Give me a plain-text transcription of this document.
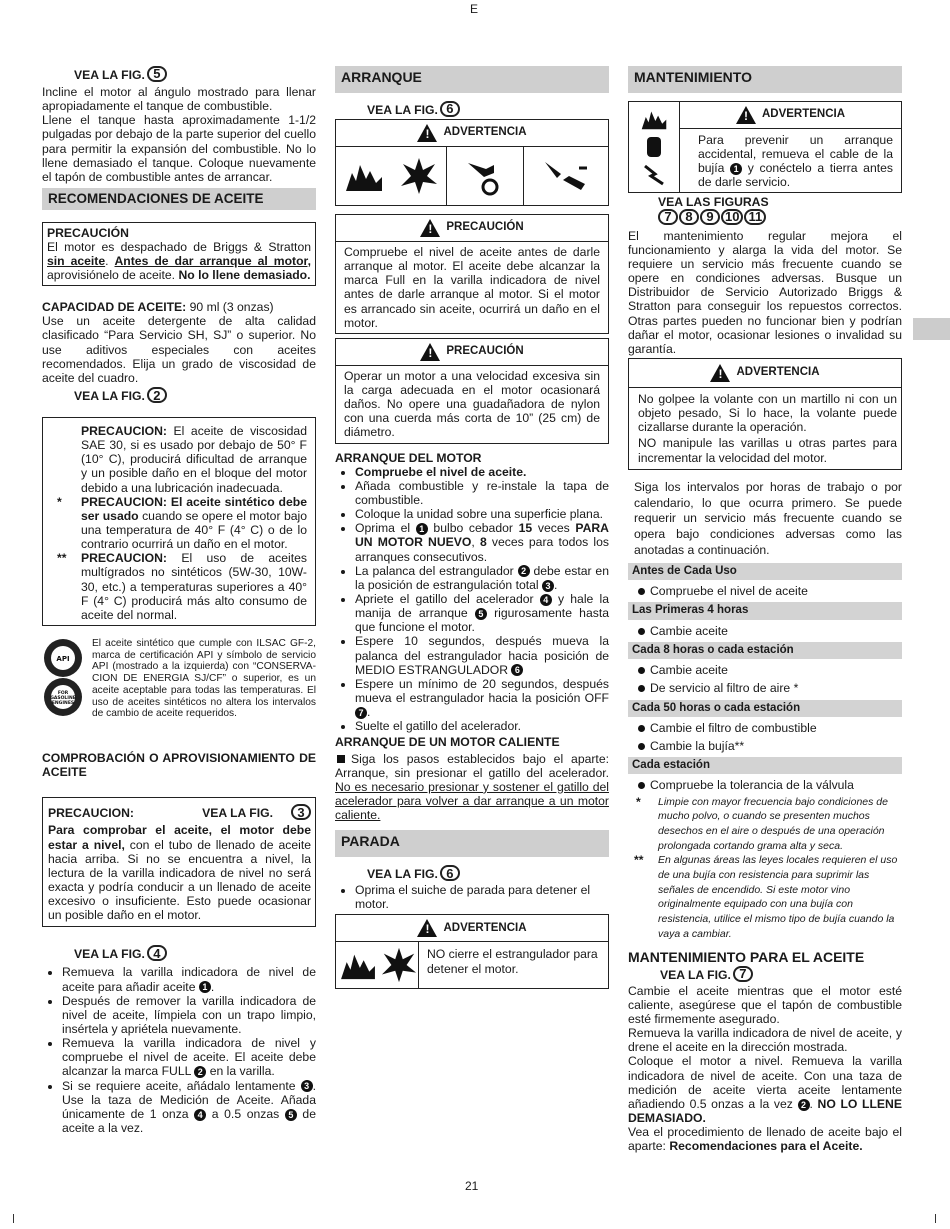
E
21
VEA LA FIG. 5

Incline el motor al ángulo mostrado para llenar apropiadamente el tanque de combustible.

Llene el tanque hasta aproximadamente 1-1/2 pulgadas por debajo de la parte superior del cuello para permitir la expansión del combustible. No lo llene demasiado el tanque. Coloque nuevamente el tapón de combustible antes de arrancar.

RECOMENDACIONES DE ACEITE
PRECAUCIÓN

El motor es despachado de Briggs & Stratton sin aceite. Antes de dar arranque al motor, aprovisiónelo de aceite. No lo llene demasiado.

CAPACIDAD DE ACEITE: 90 ml (3 onzas)

Use un aceite detergente de alta calidad clasificado “Para Servicio SH, SJ” o superior. No use aditivos especiales con aceites recomendados. Elija un grado de viscosidad de aceite del cuadro.

VEA LA FIG. 2

PRECAUCION: El aceite de viscosidad SAE 30, si es usado por debajo de 50° F (10° C), producirá dificultad de arranque y un posible daño en el bloque del motor debido a una lubricación inadecuada.

*	PRECAUCION: El aceite sintético debe ser usado cuando se opere el motor bajo una temperatura de 40° F (4° C) o de lo contrario ocurrirá un daño en el motor.

**	PRECAUCION: El uso de aceites multígrados no sintéticos (5W-30, 10W-30, etc.) a temperaturas superiores a 40° F (4° C) producirá más alto consumo de aceite del normal.

API
FOR
GASOLINE
ENGINES

El aceite sintético que cumple con ILSAC GF-2, marca de certificación API y símbolo de servicio API (mostrado a la izquierda) con “CONSERVA-CION DE ENERGIA SJ/CF” o superior, es un aceite aceptable para todas las temperaturas. El uso de aceites sintéticos no altera los intervalos de cambio de aceite requeridos.

COMPROBACIÓN O APROVISIONAMIENTO DE ACEITE

PRECAUCION:	VEA LA FIG.	3

Para comprobar el aceite, el motor debe estar a nivel, con el tubo de llenado de aceite hacia arriba. Si no se encuentra a nivel, la lectura de la varilla indicadora de nivel no será exacta y podría conducir a un llenado de aceite excesivo o insuficiente. Esto puede ocasionar un posible daño en el motor.

VEA LA FIG. 4
• Remueva la varilla indicadora de nivel de aceite para añadir aceite 1 .
• Después de remover la varilla indicadora de nivel de aceite, límpiela con un trapo limpio, insértela y apriétela nuevamente.
• Remueva la varilla indicadora de nivel y compruebe el nivel de aceite. El aceite debe alcanzar la marca FULL 2 en la varilla.
• Si se requiere aceite, añádalo lentamente 3 . Use la taza de Medición de Aceite. Añada únicamente de 1 onza 4 a 0.5 onzas 5 de aceite a la vez.
ARRANQUE
VEA LA FIG. 6
! ADVERTENCIA
! PRECAUCIÓN

Compruebe el nivel de aceite antes de darle arranque al motor. El aceite debe alcanzar la marca Full en la varilla indicadora de nivel antes de darle arranque al motor. Si el motor es arrancado sin aceite, ocurrirá un daño en el motor.

! PRECAUCIÓN

Operar un motor a una velocidad excesiva sin la carga adecuada en el motor ocasionará daños. No opere una guadañadora de nylon con una cuerda más corta de 10” (25 cm) de diámetro.

ARRANQUE DEL MOTOR

• Compruebe el nivel de aceite.
• Añada combustible y re-instale la tapa de combustible.
• Coloque la unidad sobre una superficie plana.
• Oprima el 1 bulbo cebador 15 veces PARA UN MOTOR NUEVO, 8 veces para todos los arranques consecutivos.
• La palanca del estrangulador 2 debe estar en la posición de estrangulación total 3 .
• Apriete el gatillo del acelerador 4 y hale la manija de arranque 5 rigurosamente hasta que funcione el motor.
• Espere 10 segundos, después mueva la palanca del estrangulador hacia posición de MEDIO ESTRANGULADOR 6
• Espere un mínimo de 20 segundos, después mueva el estrangulador hacia la posición OFF 7 .
• Suelte el gatillo del acelerador.

ARRANQUE DE UN MOTOR CALIENTE

Siga los pasos establecidos bajo el aparte: Arranque, sin presionar el gatillo del acelerador. No es necesario presionar y sostener el gatillo del acelerador para volver a dar arranque a un motor caliente.

PARADA
VEA LA FIG. 6
• Oprima el suiche de parada para detener el motor.
! ADVERTENCIA

NO cierre el estrangulador para detener el motor.

MANTENIMIENTO
! ADVERTENCIA

Para prevenir un arranque accidental, remueva el cable de la bujía 1 y conéctelo a tierra antes de darle servicio.

VEA LAS FIGURAS
7	8	9 10 11

El mantenimiento regular mejora el funcionamiento y alarga la vida del motor. Se requiere un servicio más frecuente cuando se opere en condiciones adversas. Busque un Distribuidor de Servicio Autorizado Briggs & Stratton para conseguir los repuestos correctos. Otras partes pueden no funcionar bien y podrían dañar el motor, ocasionar lesiones o invalidad su garantía.

! ADVERTENCIA

No golpee la volante con un martillo ni con un objeto pesado, Si lo hace, la volante puede cizallarse durante la operación.

NO manipule las varillas u otras partes para incrementar la velocidad del motor.

Siga los intervalos por horas de trabajo o por calendario, lo que ocurra primero. Se puede requerir un servicio más frecuente cuando se opera bajo condiciones adversas como las anotadas a continuación.

Antes de Cada Uso
Compruebe el nivel de aceite
Las Primeras 4 horas
Cambie aceite
Cada 8 horas o cada estación
Cambie aceite
De servicio al filtro de aire *
Cada 50 horas o cada estación
Cambie el filtro de combustible
Cambie la bujía**
Cada estación
Compruebe la tolerancia de la válvula
*	Limpie con mayor frecuencia bajo condiciones de mucho polvo, o cuando se presenten muchos desechos en el aire o después de una operación prolongada cortando grama alta y seca.

**	En algunas áreas las leyes locales requieren el uso de una bujía con resistencia para suprimir las señales de encendido. Si este motor vino originalmente equipado con una bujía con resistencia, utilice el mismo tipo de bujía cuando la vaya a cambiar.

MANTENIMIENTO PARA EL ACEITE

VEA LA FIG. 7

Cambie el aceite mientras que el motor esté caliente, asegúrese que el tapón de combustible esté firmemente asegurado.

Remueva la varilla indicadora de nivel de aceite, y drene el aceite en la dirección mostrada.

Coloque el motor a nivel. Remueva la varilla indicadora de nivel de aceite. Con una taza de medición de aceite vierta aceite lentamente añadiendo 0.5 onzas a la vez 2 . NO LO LLENE DEMASIADO.

Vea el procedimiento de llenado de aceite bajo el aparte: Recomendaciones para el Aceite.
